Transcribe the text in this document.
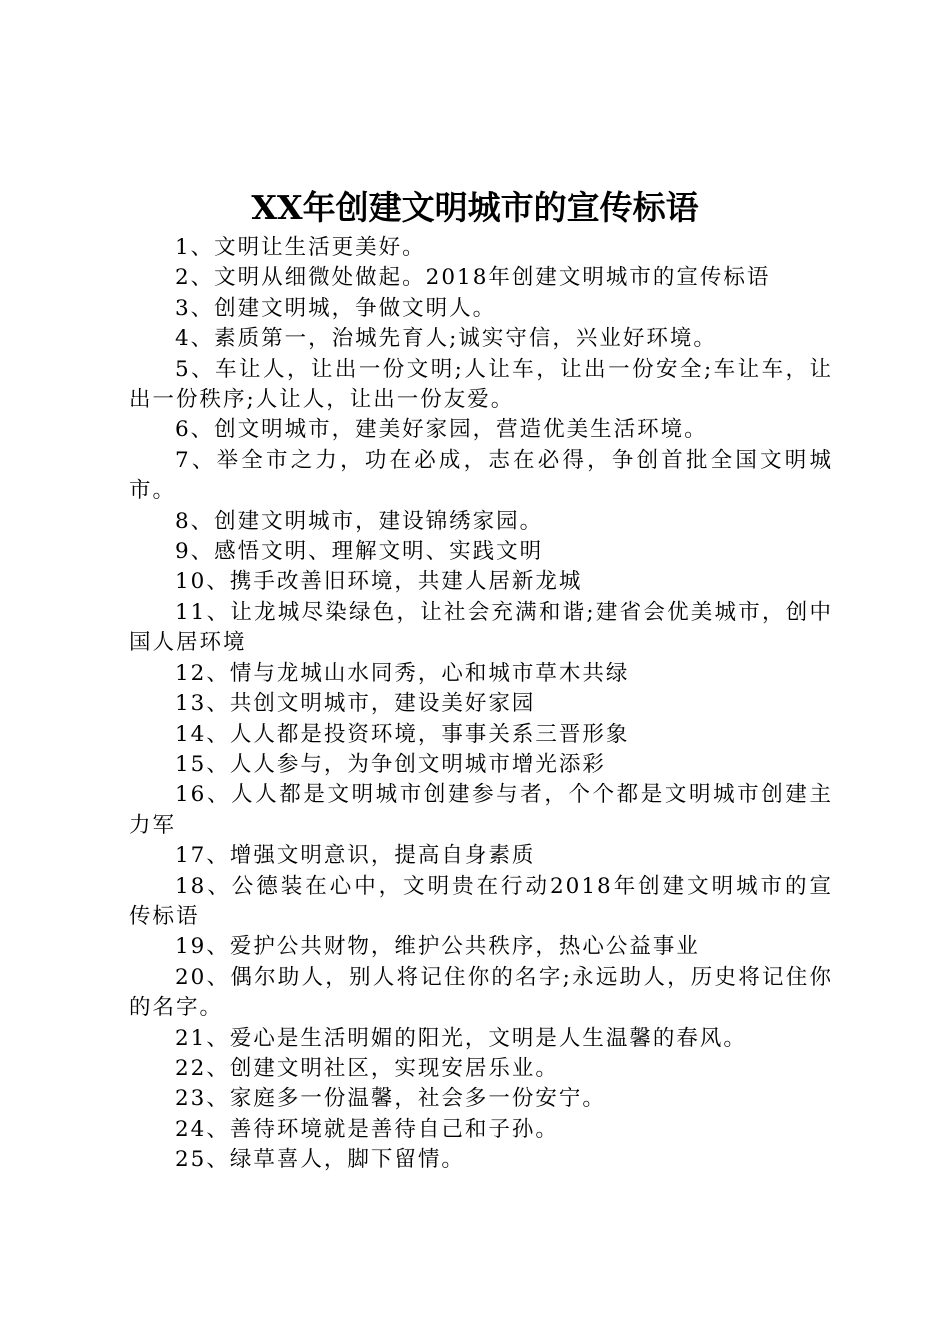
XX年创建文明城市的宣传标语

1、文明让生活更美好。

2、文明从细微处做起。2018年创建文明城市的宣传标语

3、创建文明城，争做文明人。

4、素质第一，治城先育人;诚实守信，兴业好环境。

5、车让人，让出一份文明;人让车，让出一份安全;车让车，让出一份秩序;人让人，让出一份友爱。

6、创文明城市，建美好家园，营造优美生活环境。

7、举全市之力，功在必成，志在必得，争创首批全国文明城市。

8、创建文明城市，建设锦绣家园。

9、感悟文明、理解文明、实践文明

10、携手改善旧环境，共建人居新龙城

11、让龙城尽染绿色，让社会充满和谐;建省会优美城市，创中国人居环境

12、情与龙城山水同秀，心和城市草木共绿

13、共创文明城市，建设美好家园

14、人人都是投资环境，事事关系三晋形象

15、人人参与，为争创文明城市增光添彩

16、人人都是文明城市创建参与者，个个都是文明城市创建主力军

17、增强文明意识，提高自身素质

18、公德装在心中，文明贵在行动2018年创建文明城市的宣传标语

19、爱护公共财物，维护公共秩序，热心公益事业

20、偶尔助人，别人将记住你的名字;永远助人，历史将记住你的名字。

21、爱心是生活明媚的阳光，文明是人生温馨的春风。

22、创建文明社区，实现安居乐业。

23、家庭多一份温馨，社会多一份安宁。

24、善待环境就是善待自己和子孙。

25、绿草喜人，脚下留情。
